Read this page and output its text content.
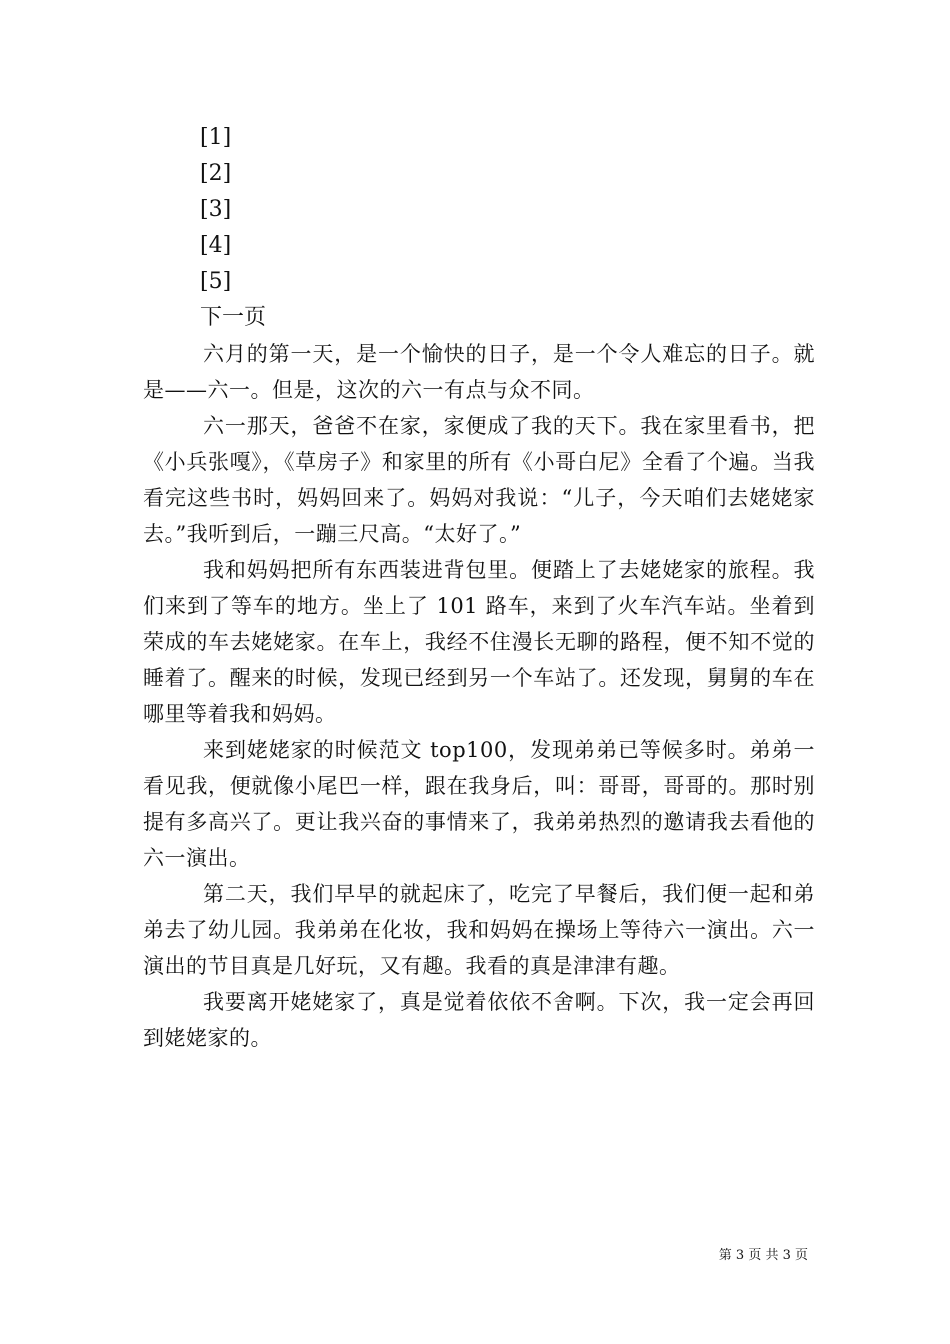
[1]
[2]
[3]
[4]
[5]
下一页

六月的第一天，是一个愉快的日子，是一个令人难忘的日子。就是——六一。但是，这次的六一有点与众不同。

六一那天，爸爸不在家，家便成了我的天下。我在家里看书，把《小兵张嘎》，《草房子》和家里的所有《小哥白尼》全看了个遍。当我看完这些书时，妈妈回来了。妈妈对我说：“儿子，今天咱们去姥姥家去。”我听到后，一蹦三尺高。“太好了。”

我和妈妈把所有东西装进背包里。便踏上了去姥姥家的旅程。我们来到了等车的地方。坐上了 101 路车，来到了火车汽车站。坐着到荣成的车去姥姥家。在车上，我经不住漫长无聊的路程，便不知不觉的睡着了。醒来的时候，发现已经到另一个车站了。还发现，舅舅的车在哪里等着我和妈妈。

来到姥姥家的时候范文 top100，发现弟弟已等候多时。弟弟一看见我，便就像小尾巴一样，跟在我身后，叫：哥哥，哥哥的。那时别提有多高兴了。更让我兴奋的事情来了，我弟弟热烈的邀请我去看他的六一演出。

第二天，我们早早的就起床了，吃完了早餐后，我们便一起和弟弟去了幼儿园。我弟弟在化妆，我和妈妈在操场上等待六一演出。六一演出的节目真是几好玩，又有趣。我看的真是津津有趣。

我要离开姥姥家了，真是觉着依依不舍啊。下次，我一定会再回到姥姥家的。

第 3 页 共 3 页
